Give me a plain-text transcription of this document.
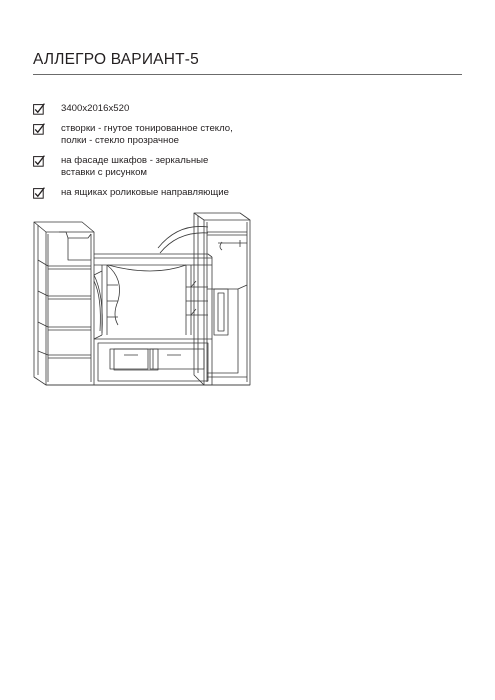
АЛЛЕГРО ВАРИАНТ-5
3400x2016x520
створки - гнутое тонированное стекло,
полки - стекло прозрачное
на фасаде шкафов - зеркальные
вставки с рисунком
на ящиках роликовые направляющие
